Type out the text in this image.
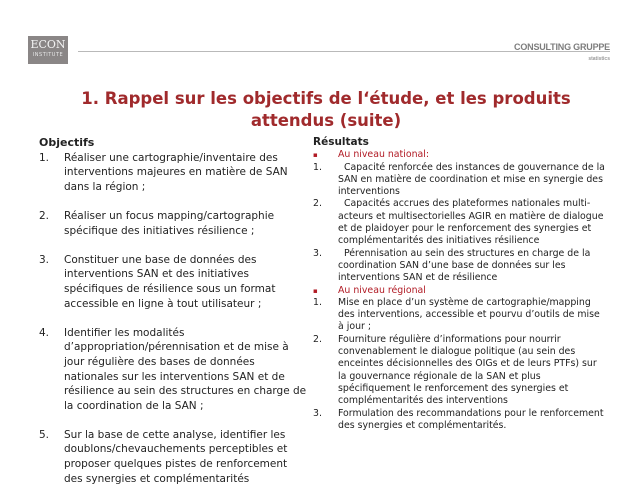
ECON
INSTITUTE
CONSULTING GRUPPE
statistics
1. Rappel sur les objectifs de l‘étude, et les produits
attendus (suite)
Objectifs
1.	Réaliser une cartographie/inventaire des interventions majeures en matière de SAN dans la région ;
2.	Réaliser un focus mapping/cartographie spécifique des initiatives résilience ;
3.	Constituer une base de données des interventions SAN et des initiatives spécifiques de résilience sous un format accessible en ligne à tout utilisateur ;
4.	Identifier les modalités d’appropriation/pérennisation et de mise à jour régulière des bases de données nationales sur les interventions SAN et de résilience au sein des structures en charge de la coordination de la SAN ;
5.	Sur la base de cette analyse, identifier les doublons/chevauchements perceptibles et proposer quelques pistes de renforcement des synergies et complémentarités
Résultats
▪	Au niveau national:
1.	Capacité renforcée des instances de gouvernance de la SAN en matière de coordination et mise en synergie des interventions
2.	Capacités accrues des plateformes nationales multi-acteurs et multisectorielles AGIR en matière de dialogue et de plaidoyer pour le renforcement des synergies et complémentarités des initiatives résilience
3.	Pérennisation au sein des structures en charge de la coordination SAN d’une base de données sur les interventions SAN et de résilience
▪	Au niveau régional
1.	Mise en place d’un système de cartographie/mapping des interventions, accessible et pourvu d’outils de mise à jour ;
2.	Fourniture régulière d’informations pour nourrir convenablement le dialogue politique (au sein des enceintes décisionnelles des OIGs et de leurs PTFs) sur la gouvernance régionale de la SAN et plus spécifiquement le renforcement des synergies et complémentarités des interventions
3.	Formulation des recommandations pour le renforcement des synergies et complémentarités.
